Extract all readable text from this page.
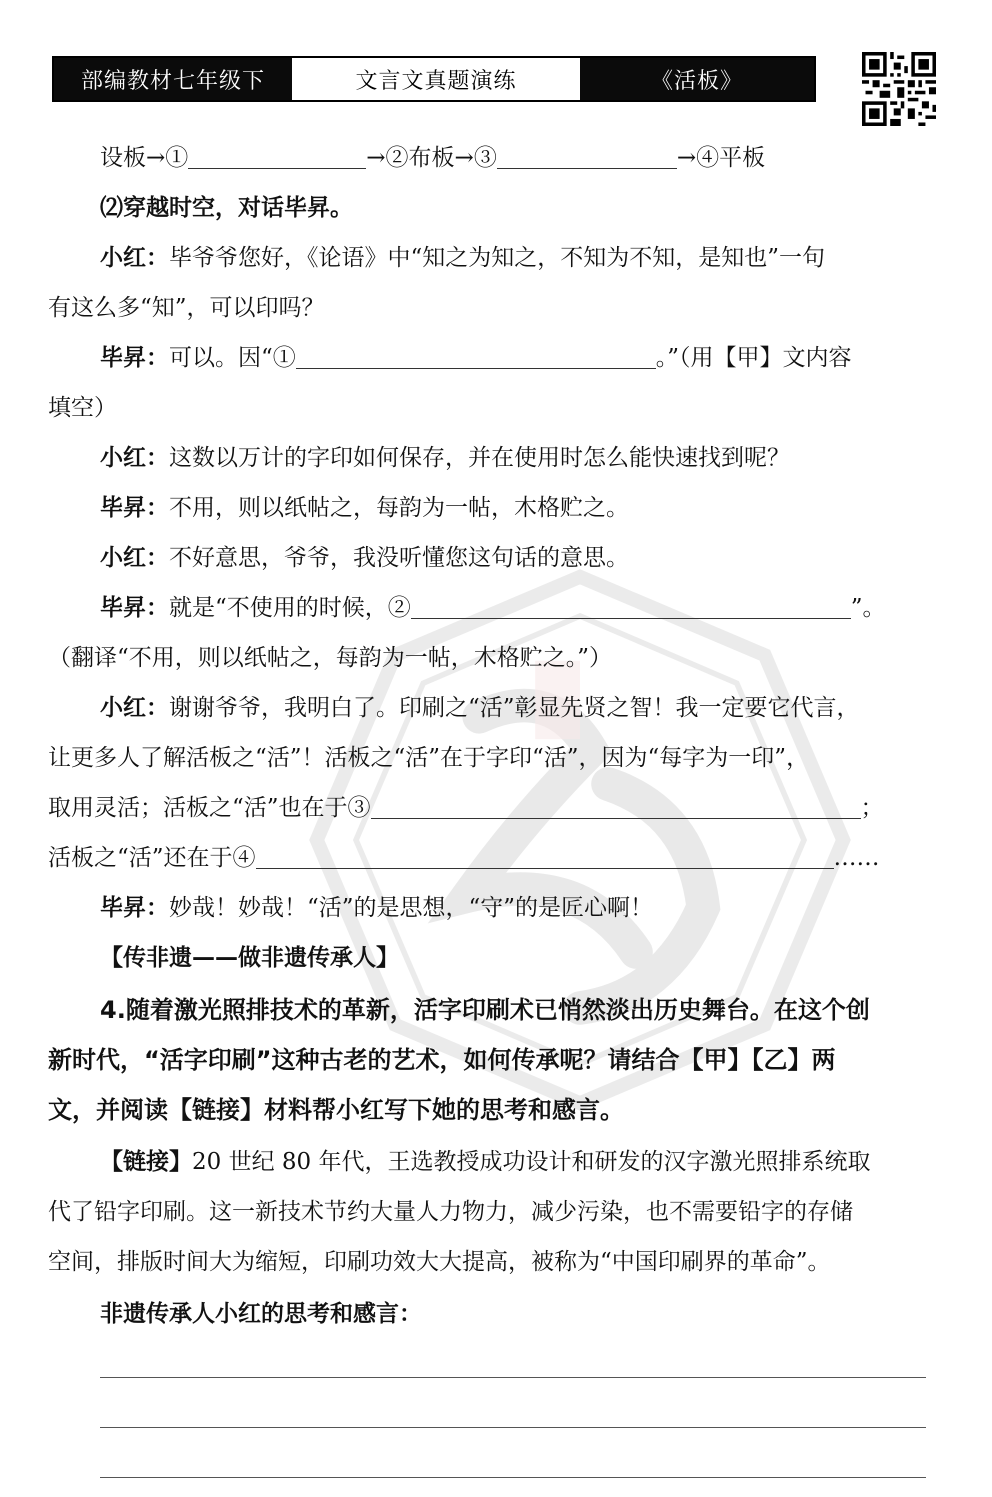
部编教材七年级下	文言文真题演练	《活板》
设板→①	→②布板→③	→④平板
⑵穿越时空，对话毕昇。
小红：毕爷爷您好，《论语》中“知之为知之，不知为不知，是知也”一句
有这么多“知”，可以印吗？
毕昇：可以。因“①	。”（用【甲】文内容
填空）
小红：这数以万计的字印如何保存，并在使用时怎么能快速找到呢？
毕昇：不用，则以纸帖之，每韵为一帖，木格贮之。
小红：不好意思，爷爷，我没听懂您这句话的意思。
毕昇：就是“不使用的时候，②	”。
（翻译“不用，则以纸帖之，每韵为一帖，木格贮之。”）
小红：谢谢爷爷，我明白了。印刷之“活”彰显先贤之智！我一定要它代言，
让更多人了解活板之“活”！活板之“活”在于字印“活”，因为“每字为一印”，
取用灵活；活板之“活”也在于③	；
活板之“活”还在于④	……
毕昇：妙哉！妙哉！“活”的是思想，“守”的是匠心啊！
【传非遗——做非遗传承人】
4.随着激光照排技术的革新，活字印刷术已悄然淡出历史舞台。在这个创
新时代，“活字印刷”这种古老的艺术，如何传承呢？请结合【甲】【乙】两
文，并阅读【链接】材料帮小红写下她的思考和感言。
【链接】20 世纪 80 年代，王选教授成功设计和研发的汉字激光照排系统取
代了铅字印刷。这一新技术节约大量人力物力，减少污染，也不需要铅字的存储
空间，排版时间大为缩短，印刷功效大大提高，被称为“中国印刷界的革命”。
非遗传承人小红的思考和感言：
